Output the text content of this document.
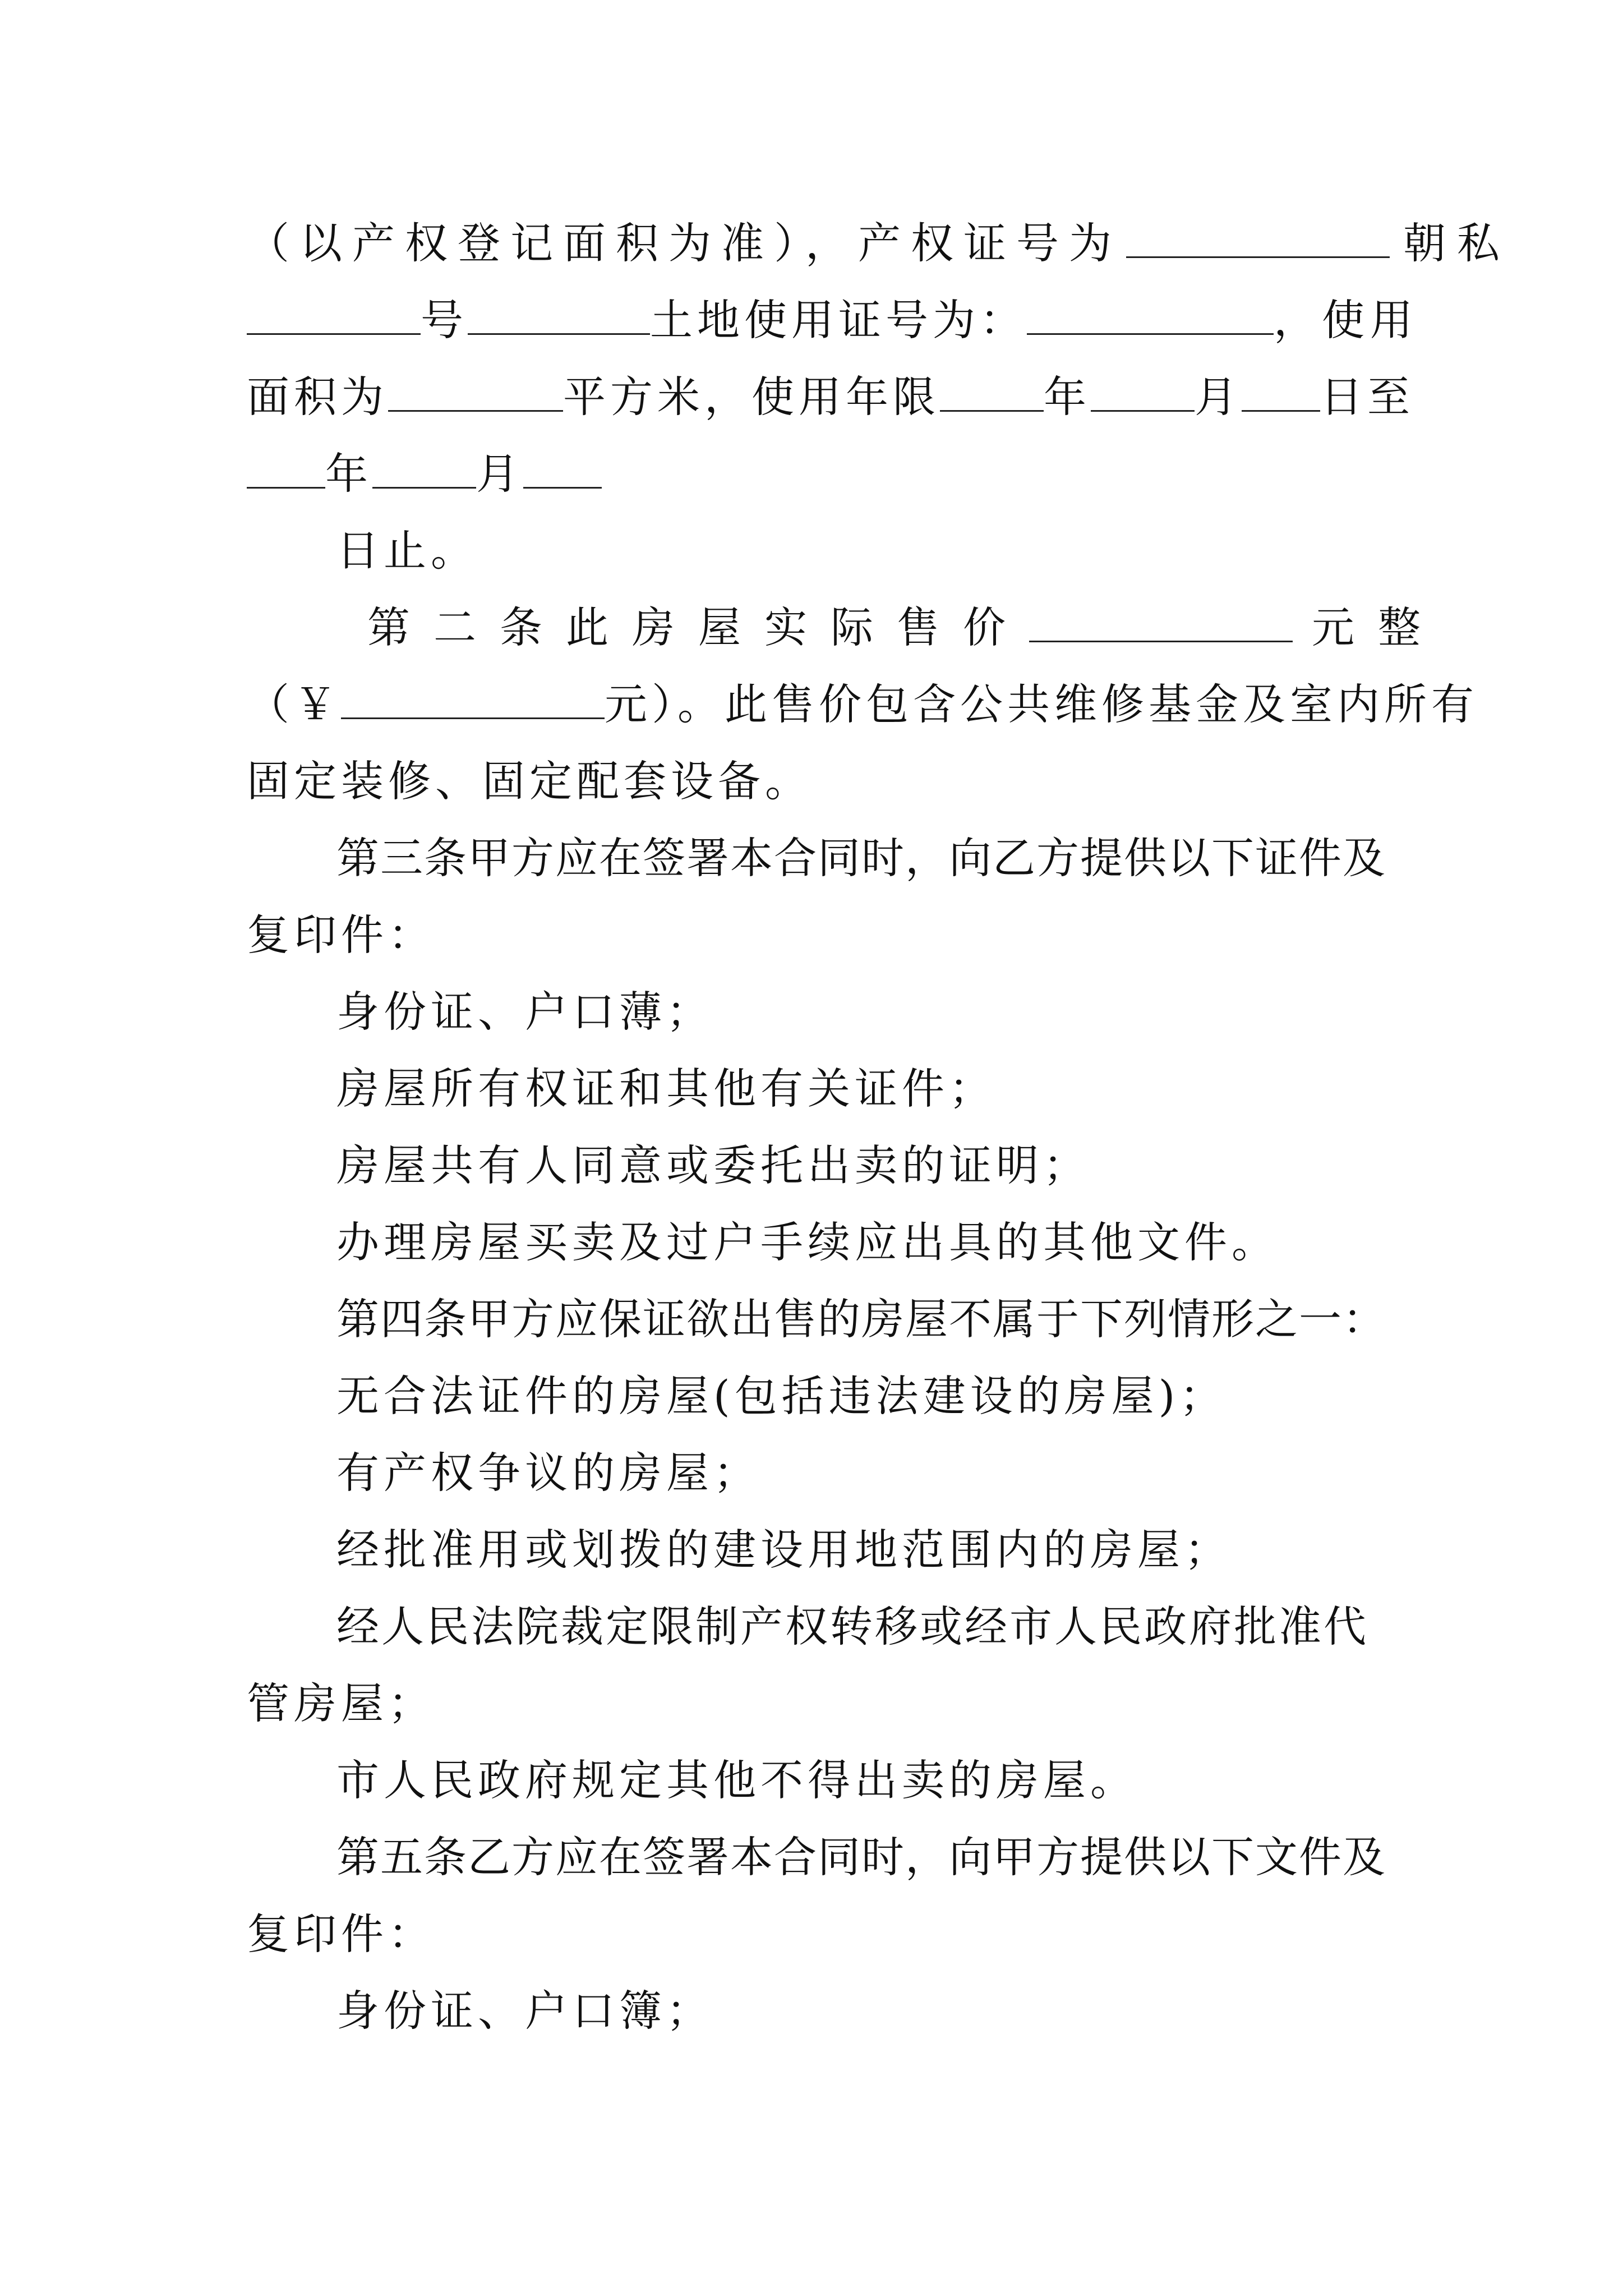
（以产权登记面积为准），产权证号为	朝私
号	土地使用证号为：	，使用
面积为	平方米，使用年限 年 月 日至
年 月
日止。
第二条此房屋实际售价	元整
（￥	元）。此售价包含公共维修基金及室内所有
固定装修、固定配套设备。
第三条甲方应在签署本合同时，向乙方提供以下证件及
复印件：
身份证、户口薄；
房屋所有权证和其他有关证件；
房屋共有人同意或委托出卖的证明；
办理房屋买卖及过户手续应出具的其他文件。
第四条甲方应保证欲出售的房屋不属于下列情形之一：
无合法证件的房屋(包括违法建设的房屋)；
有产权争议的房屋；
经批准用或划拨的建设用地范围内的房屋；
经人民法院裁定限制产权转移或经市人民政府批准代
管房屋；
市人民政府规定其他不得出卖的房屋。
第五条乙方应在签署本合同时，向甲方提供以下文件及
复印件：
身份证、户口簿；
